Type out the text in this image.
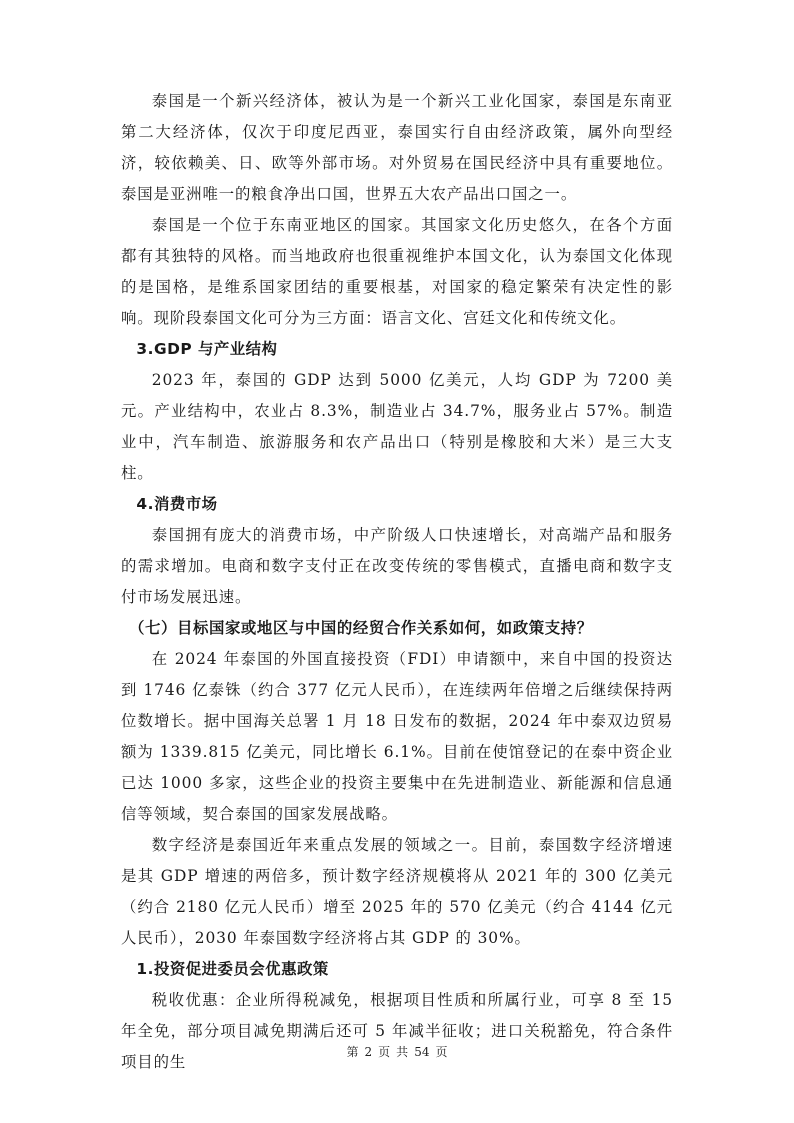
泰国是一个新兴经济体，被认为是一个新兴工业化国家，泰国是东南亚第二大经济体，仅次于印度尼西亚，泰国实行自由经济政策，属外向型经济，较依赖美、日、欧等外部市场。对外贸易在国民经济中具有重要地位。泰国是亚洲唯一的粮食净出口国，世界五大农产品出口国之一。

泰国是一个位于东南亚地区的国家。其国家文化历史悠久，在各个方面都有其独特的风格。而当地政府也很重视维护本国文化，认为泰国文化体现的是国格，是维系国家团结的重要根基，对国家的稳定繁荣有决定性的影响。现阶段泰国文化可分为三方面：语言文化、宫廷文化和传统文化。

3.GDP 与产业结构

2023 年，泰国的 GDP 达到 5000 亿美元，人均 GDP 为 7200 美元。产业结构中，农业占 8.3%，制造业占 34.7%，服务业占 57%。制造业中，汽车制造、旅游服务和农产品出口（特别是橡胶和大米）是三大支柱。

4.消费市场

泰国拥有庞大的消费市场，中产阶级人口快速增长，对高端产品和服务的需求增加。电商和数字支付正在改变传统的零售模式，直播电商和数字支付市场发展迅速。

（七）目标国家或地区与中国的经贸合作关系如何，如政策支持？

在 2024 年泰国的外国直接投资（FDI）申请额中，来自中国的投资达到 1746 亿泰铢（约合 377 亿元人民币），在连续两年倍增之后继续保持两位数增长。据中国海关总署 1 月 18 日发布的数据，2024 年中泰双边贸易额为 1339.815 亿美元，同比增长 6.1%。目前在使馆登记的在泰中资企业已达 1000 多家，这些企业的投资主要集中在先进制造业、新能源和信息通信等领域，契合泰国的国家发展战略。

数字经济是泰国近年来重点发展的领域之一。目前，泰国数字经济增速是其 GDP 增速的两倍多，预计数字经济规模将从 2021 年的 300 亿美元（约合 2180 亿元人民币）增至 2025 年的 570 亿美元（约合 4144 亿元人民币），2030 年泰国数字经济将占其 GDP 的 30%。

1.投资促进委员会优惠政策

税收优惠：企业所得税减免，根据项目性质和所属行业，可享 8 至 15 年全免，部分项目减免期满后还可 5 年减半征收；进口关税豁免，符合条件项目的生

第 2 页 共 54 页
